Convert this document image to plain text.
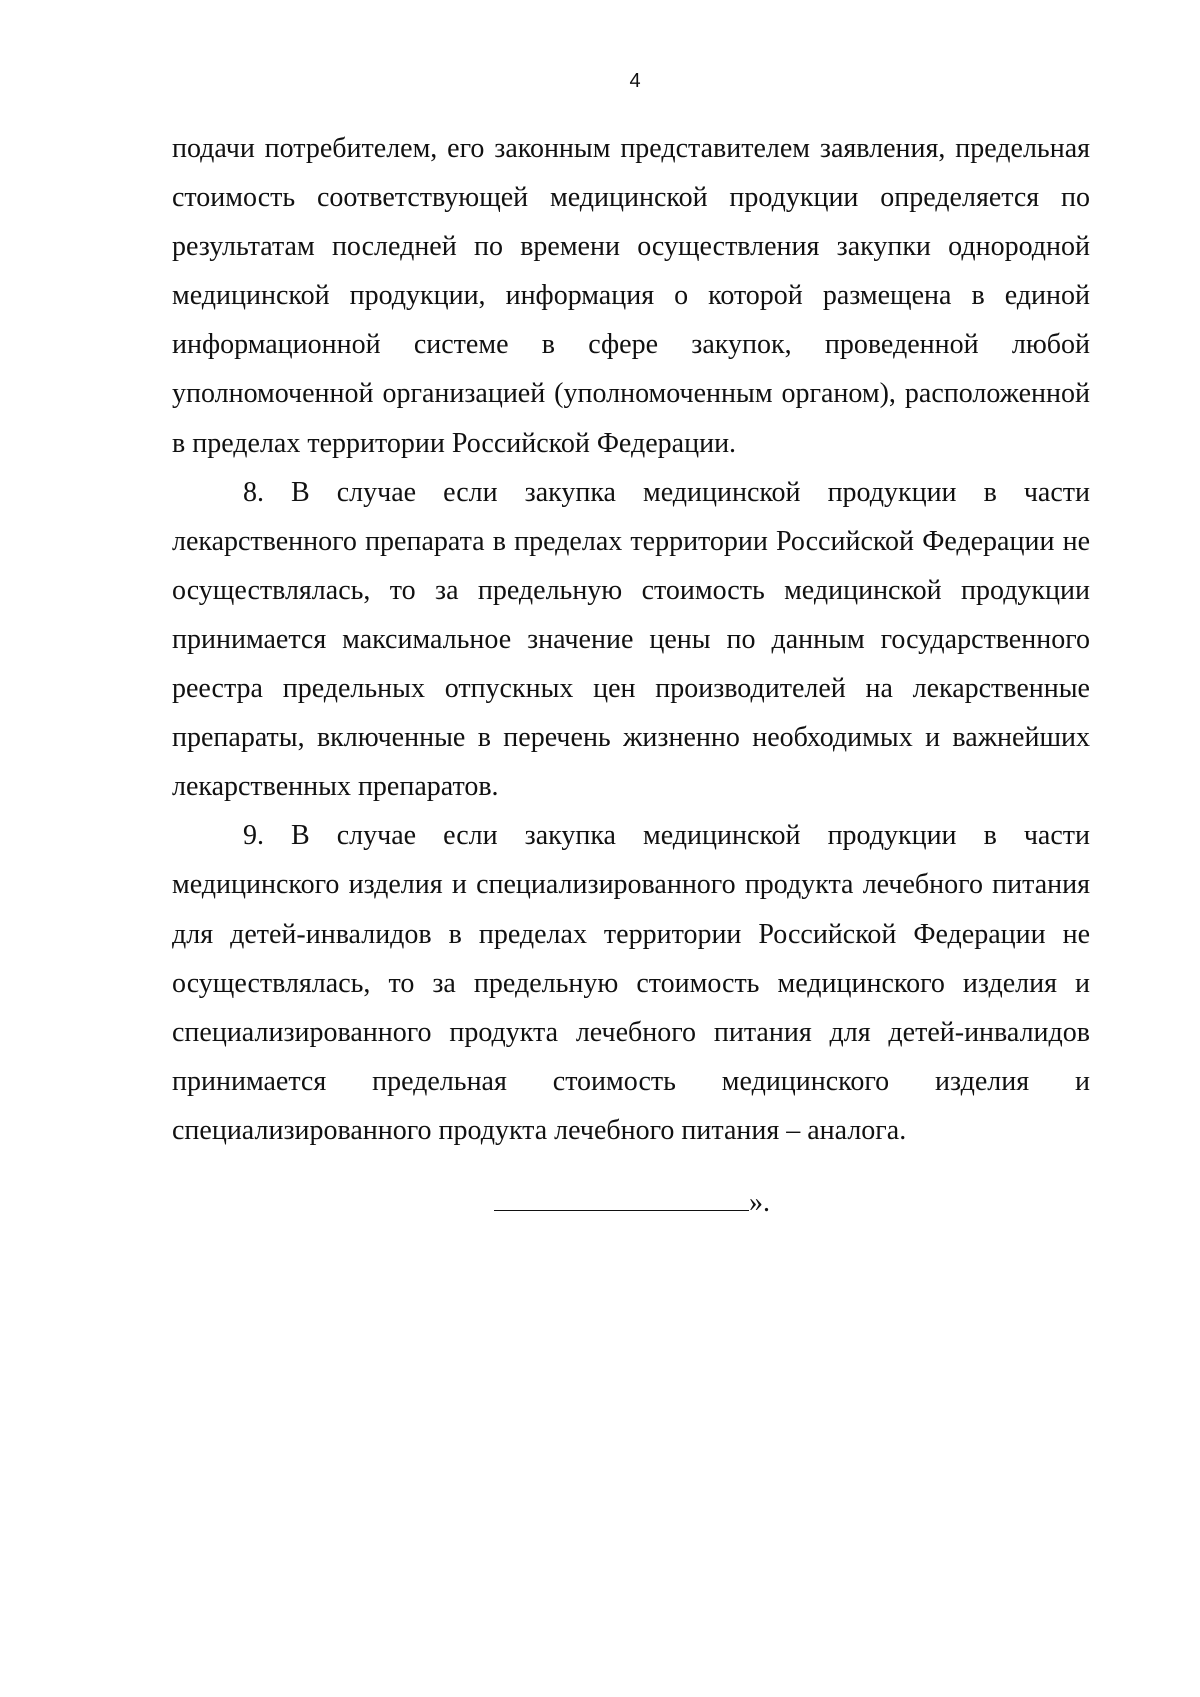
4

подачи потребителем, его законным представителем заявления, предельная стоимость соответствующей медицинской продукции определяется по результатам последней по времени осуществления закупки однородной медицинской продукции, информация о которой размещена в единой информационной системе в сфере закупок, проведенной любой уполномоченной организацией (уполномоченным органом), расположенной в пределах территории Российской Федерации.

8. В случае если закупка медицинской продукции в части лекарственного препарата в пределах территории Российской Федерации не осуществлялась, то за предельную стоимость медицинской продукции принимается максимальное значение цены по данным государственного реестра предельных отпускных цен производителей на лекарственные препараты, включенные в перечень жизненно необходимых и важнейших лекарственных препаратов.

9. В случае если закупка медицинской продукции в части медицинского изделия и специализированного продукта лечебного питания для детей-инвалидов в пределах территории Российской Федерации не осуществлялась, то за предельную стоимость медицинского изделия и специализированного продукта лечебного питания для детей-инвалидов принимается предельная стоимость медицинского изделия и специализированного продукта лечебного питания – аналога.

».
